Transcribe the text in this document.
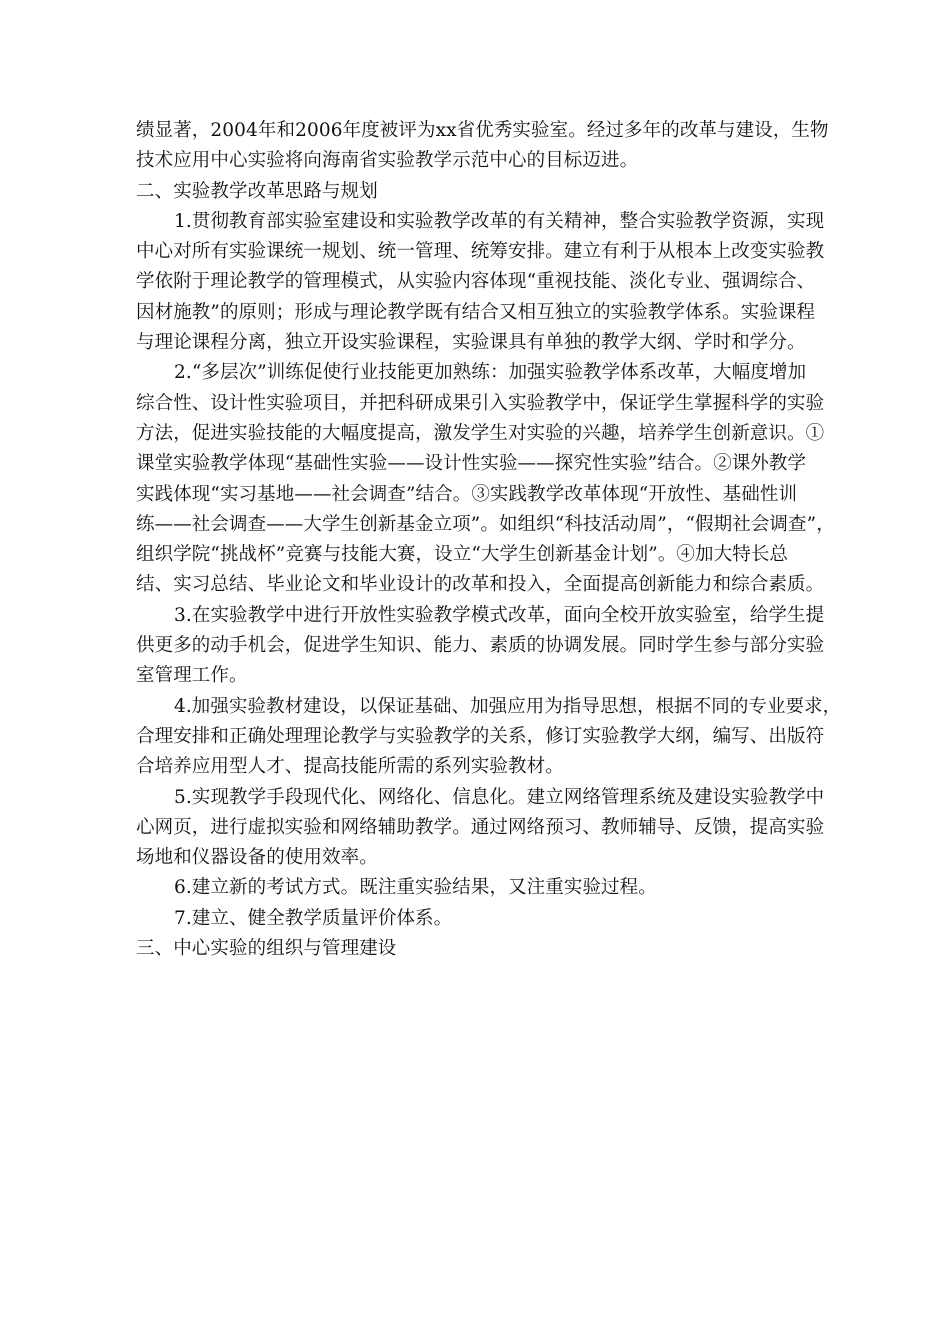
绩显著，2004年和2006年度被评为xx省优秀实验室。经过多年的改革与建设，生物

技术应用中心实验将向海南省实验教学示范中心的目标迈进。

二、实验教学改革思路与规划

1.贯彻教育部实验室建设和实验教学改革的有关精神，整合实验教学资源，实现

中心对所有实验课统一规划、统一管理、统筹安排。建立有利于从根本上改变实验教

学依附于理论教学的管理模式，从实验内容体现“重视技能、淡化专业、强调综合、

因材施教”的原则；形成与理论教学既有结合又相互独立的实验教学体系。实验课程

与理论课程分离，独立开设实验课程，实验课具有单独的教学大纲、学时和学分。

2.“多层次”训练促使行业技能更加熟练：加强实验教学体系改革，大幅度增加

综合性、设计性实验项目，并把科研成果引入实验教学中，保证学生掌握科学的实验

方法，促进实验技能的大幅度提高，激发学生对实验的兴趣，培养学生创新意识。①

课堂实验教学体现“基础性实验——设计性实验——探究性实验”结合。②课外教学

实践体现“实习基地——社会调查”结合。③实践教学改革体现“开放性、基础性训

练——社会调查——大学生创新基金立项”。如组织“科技活动周”，“假期社会调查”，

组织学院“挑战杯”竞赛与技能大赛，设立“大学生创新基金计划”。④加大特长总

结、实习总结、毕业论文和毕业设计的改革和投入，全面提高创新能力和综合素质。

3.在实验教学中进行开放性实验教学模式改革，面向全校开放实验室，给学生提

供更多的动手机会，促进学生知识、能力、素质的协调发展。同时学生参与部分实验

室管理工作。

4.加强实验教材建设，以保证基础、加强应用为指导思想，根据不同的专业要求，

合理安排和正确处理理论教学与实验教学的关系，修订实验教学大纲，编写、出版符

合培养应用型人才、提高技能所需的系列实验教材。

5.实现教学手段现代化、网络化、信息化。建立网络管理系统及建设实验教学中

心网页，进行虚拟实验和网络辅助教学。通过网络预习、教师辅导、反馈，提高实验

场地和仪器设备的使用效率。

6.建立新的考试方式。既注重实验结果，又注重实验过程。

7.建立、健全教学质量评价体系。

三、中心实验的组织与管理建设
